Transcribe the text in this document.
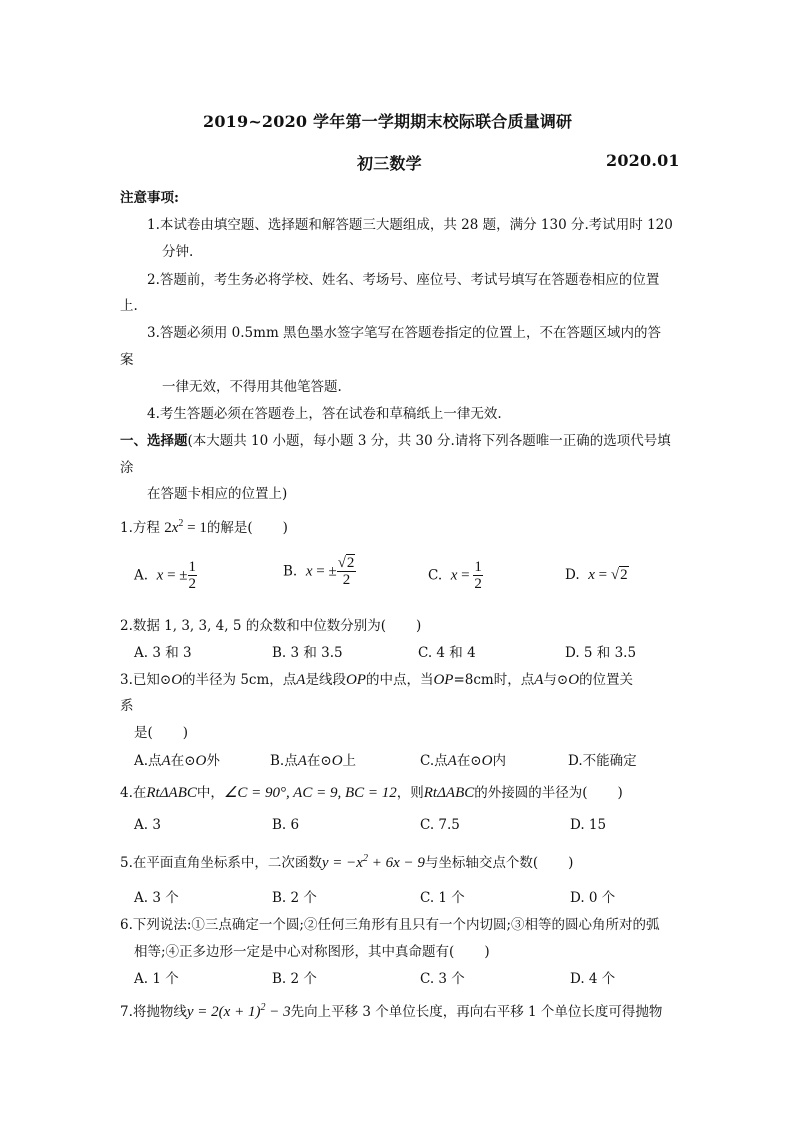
2019~2020 学年第一学期期末校际联合质量调研
初三数学	2020.01
注意事项:
1.本试卷由填空题、选择题和解答题三大题组成，共 28 题，满分 130 分.考试用时 120
分钟.
2.答题前，考生务必将学校、姓名、考场号、座位号、考试号填写在答题卷相应的位置
上.
3.答题必须用 0.5mm 黑色墨水签字笔写在答题卷指定的位置上，不在答题区域内的答
案
一律无效，不得用其他笔答题.
4.考生答题必须在答题卷上，答在试卷和草稿纸上一律无效.
一、选择题(本大题共 10 小题，每小题 3 分，共 30 分.请将下列各题唯一正确的选项代号填
涂
在答题卡相应的位置上)
1.方程 $2x^2 = 1$的解是( )
A. x = ± $\frac{1}{2}$	B. x = ± $\frac{√2}{2}$	C. $x = \frac{1}{2}$	D. x = √2
2.数据 1, 3, 3, 4, 5 的众数和中位数分别为( )
A. 3 和 3	B. 3 和 3.5	C. 4 和 4	D. 5 和 3.5
3.已知⊙O的半径为 5cm，点A是线段OP的中点，当OP=8cm时，点A与⊙O的位置关
系
是( )
A.点A在⊙O外	B.点A在⊙O上	C.点A在⊙O内	D.不能确定
4.在RtΔABC中，∠C = 90°, AC = 9, BC = 12，则RtΔABC的外接圆的半径为( )
A. 3	B. 6	C. 7.5	D. 15
5.在平面直角坐标系中，二次函数$y = -x^2 + 6x - 9$与坐标轴交点个数( )
A. 3 个	B. 2 个	C. 1 个	D. 0 个
6.下列说法:①三点确定一个圆;②任何三角形有且只有一个内切圆;③相等的圆心角所对的弧
相等;④正多边形一定是中心对称图形，其中真命题有( )
A. 1 个	B. 2 个	C. 3 个	D. 4 个
7.将抛物线$y = 2(x + 1)^2 - 3$先向上平移 3 个单位长度，再向右平移 1 个单位长度可得抛物
